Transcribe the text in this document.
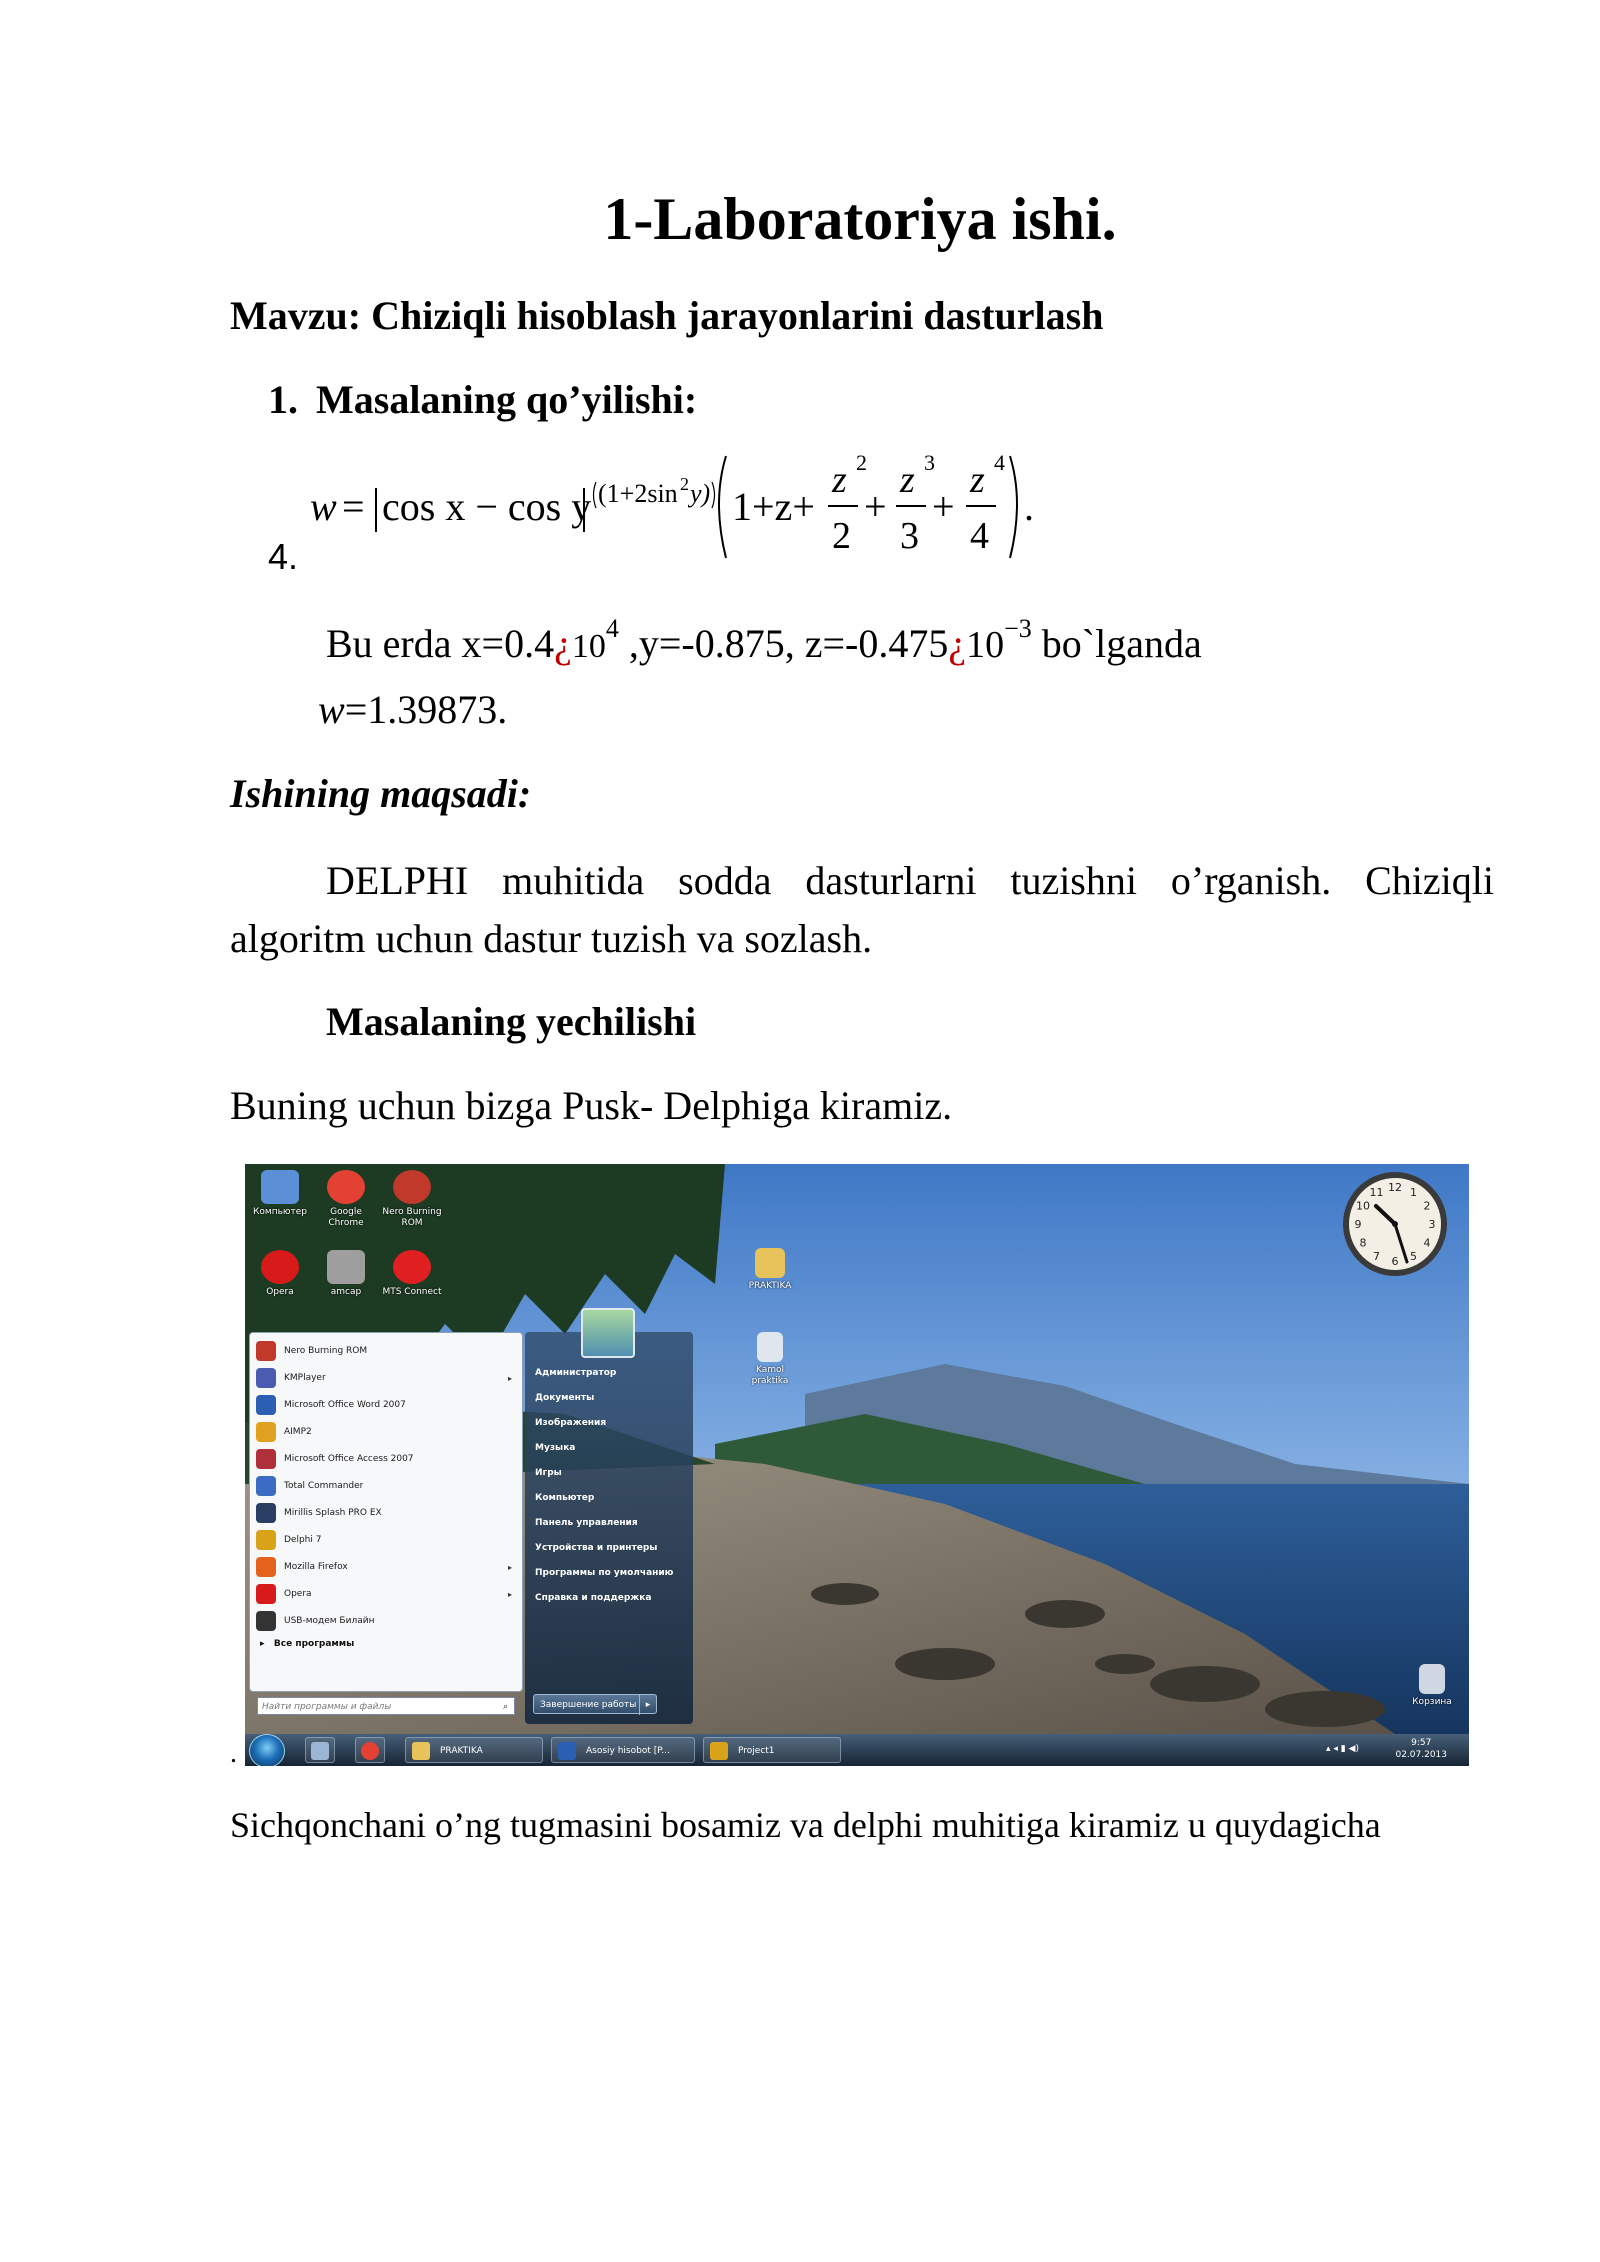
1-Laboratoriya ishi.
Mavzu: Chiziqli hisoblash jarayonlarini dasturlash
1. Masalaning qo’yilishi:
4.
w = cos x − cos y (1+2sin 2 y) 1+z+
z 2
2
+
z 3
3
+
z 4
4
.
Bu erda $x=0.4¿10^4$ ,y=-0.875, $z=-0.475¿10^{-3}$ bo`lganda
w=1.39873.
Ishining maqsadi:
DELPHI muhitida sodda dasturlarni tuzishni o’rganish. Chiziqli algoritm uchun dastur tuzish va sozlash.
Masalaning yechilishi
Buning uchun bizga Pusk- Delphiga kiramiz.
Компьютер	Google Chrome
Nero Burning ROM
Opera	amcap	MTS Connect
PRAKTIKA
Kamol praktika
Корзина
12 1
2
3
4
5
6
7
8
9
10
11
▸   Все программы
Nero Burning ROM
KMPlayer	▸
Microsoft Office Word 2007
AIMP2
Microsoft Office Access 2007
Total Commander
Mirillis Splash PRO EX
Delphi 7
Mozilla Firefox	▸
Opera	▸
USB-модем Билайн
Найти программы и файлы	⌕	Завершение работы	▸
Администратор
Документы
Изображения
Музыка
Игры
Компьютер
Панель управления
Устройства и принтеры
Программы по умолчанию
Справка и поддержка
PRAKTIKA	Asosiy hisobot [P...	Project1	▴ ◂ ▮ ◀)
9:57
02.07.2013
.
Sichqonchani o’ng tugmasini bosamiz va delphi muhitiga kiramiz u quydagicha
